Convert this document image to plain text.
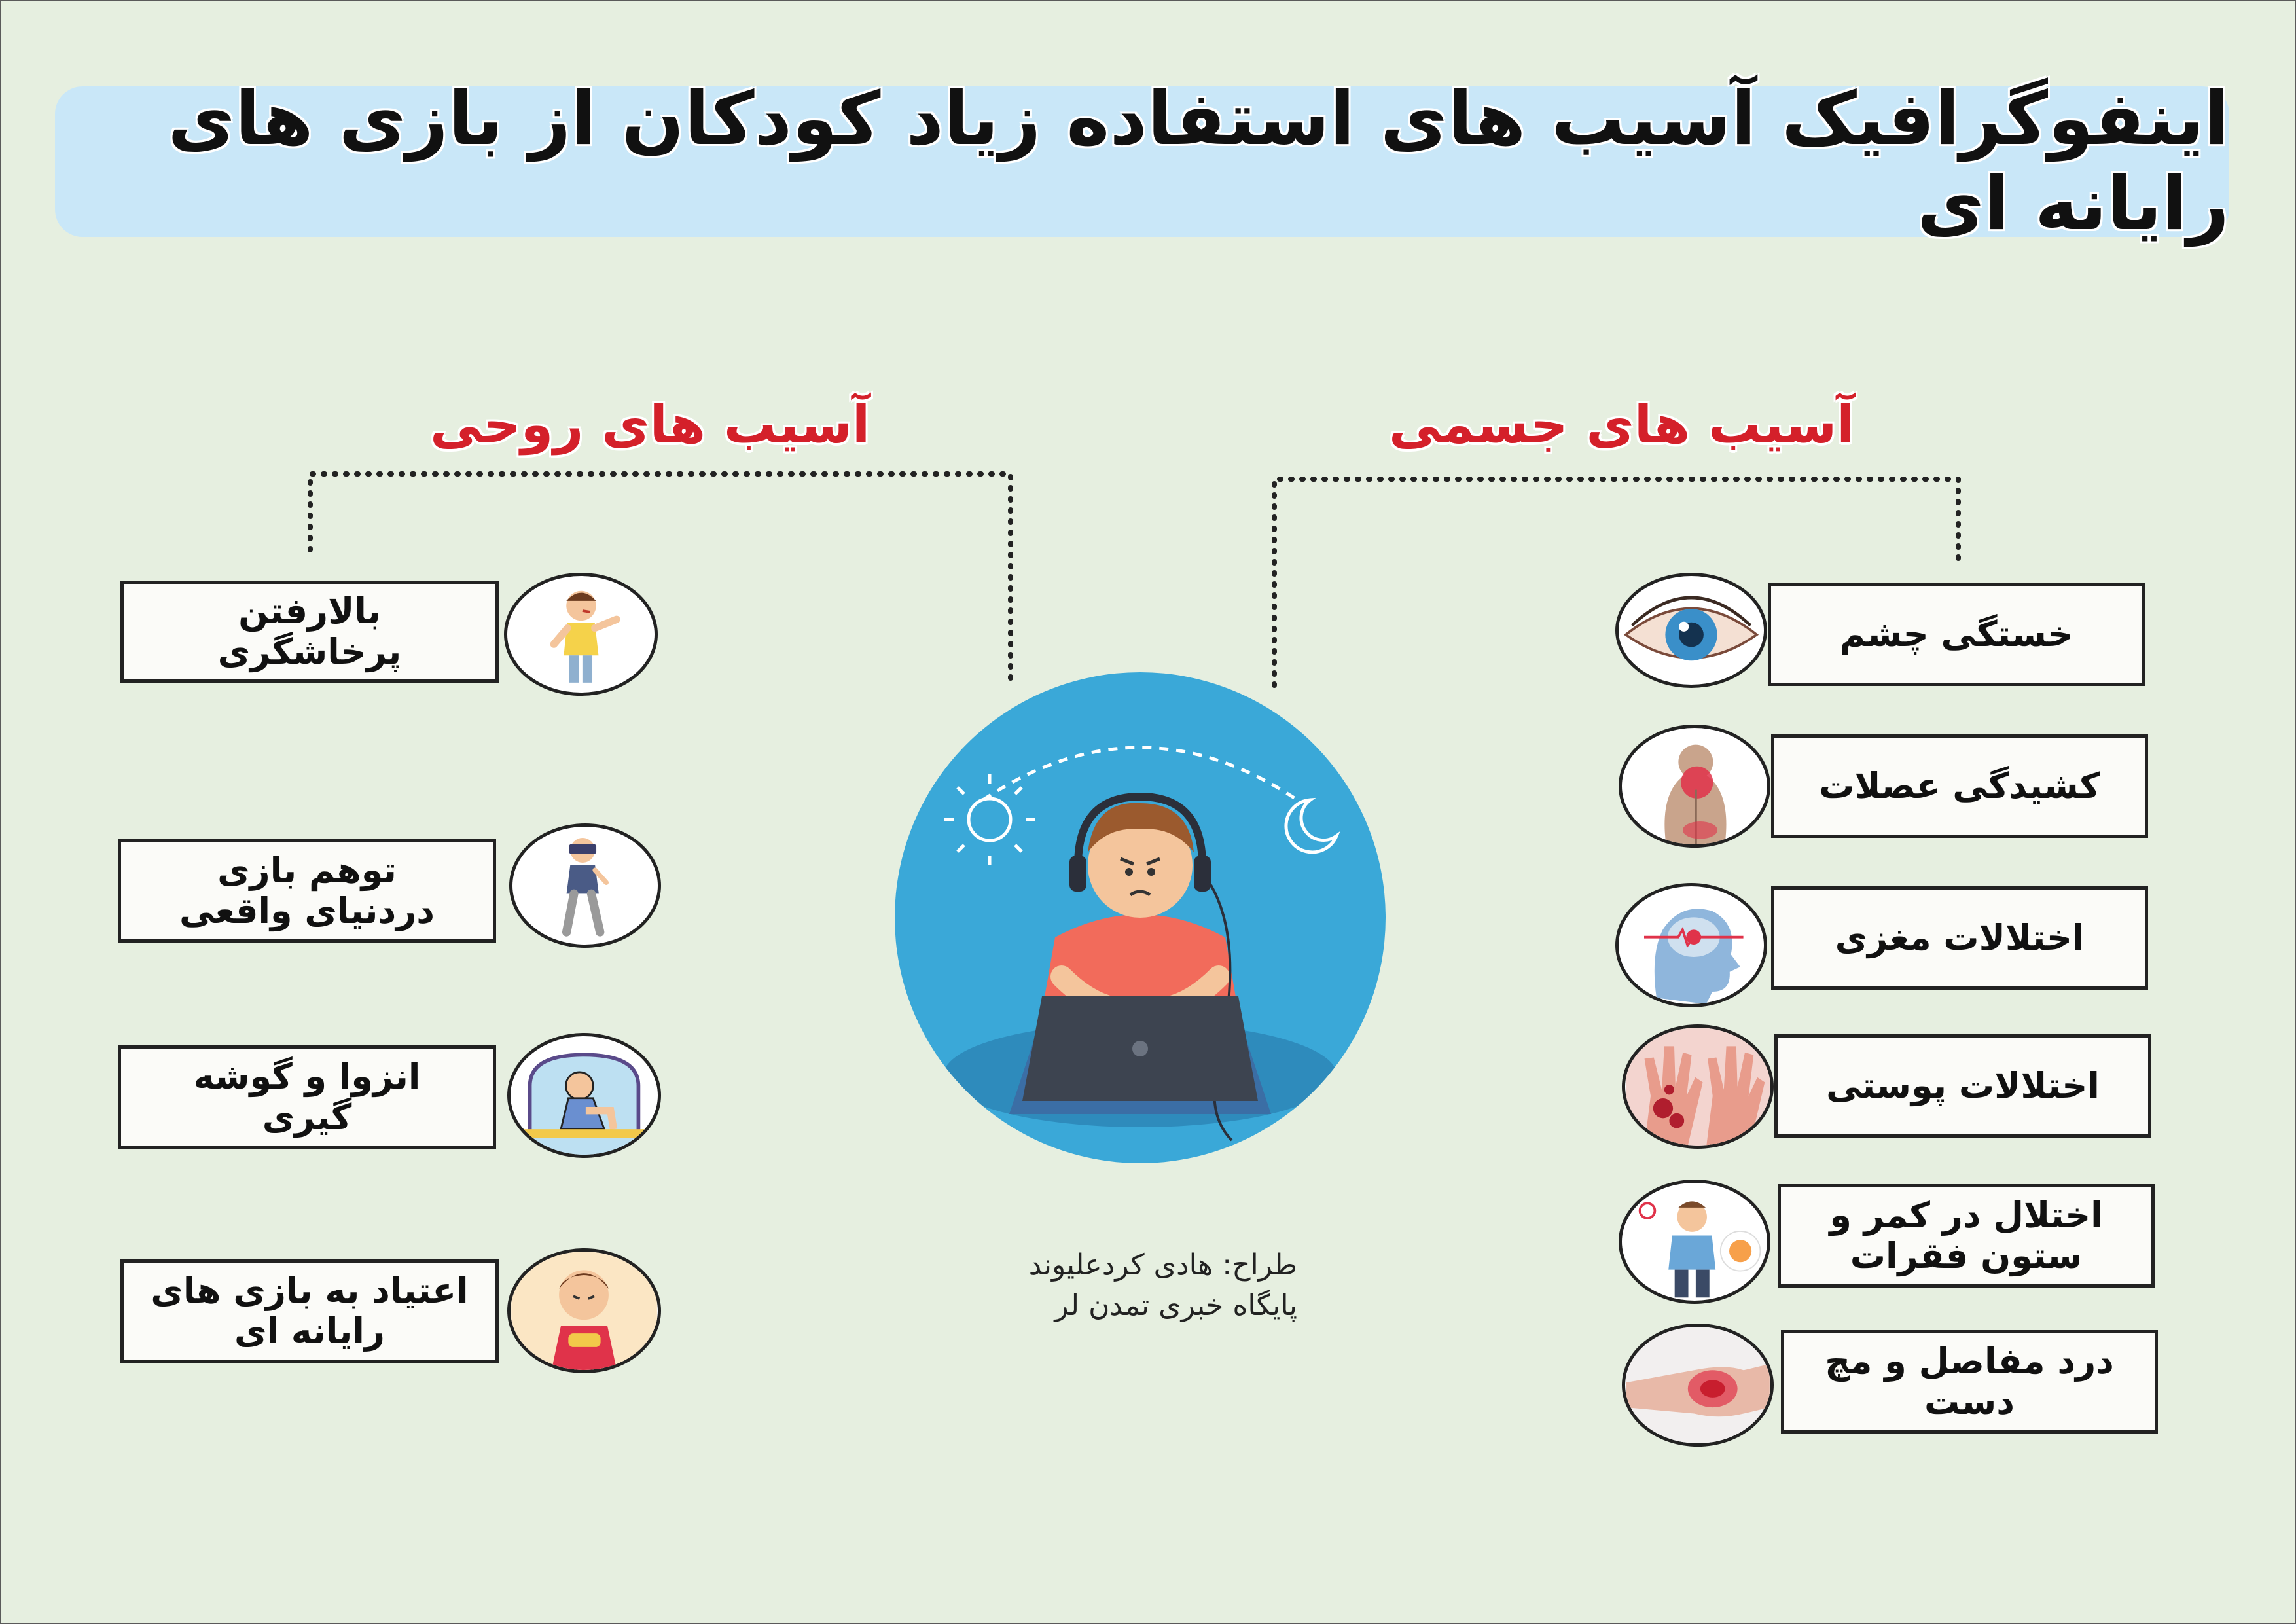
اینفوگرافیک آسیب های استفاده زیاد کودکان از بازی های رایانه ای
آسیب های جسمی
آسیب های روحی
خستگی چشم
کشیدگی عصلات
اختلالات مغزی
اختلالات پوستی
اختلال در کمر و ستون فقرات
درد مفاصل و مچ دست
بالارفتن پرخاشگری
توهم بازی دردنیای واقعی
انزوا و گوشه گیری
اعتیاد به بازی های رایانه ای
طراح: هادی کردعلیوند
پایگاه خبری تمدن لر
